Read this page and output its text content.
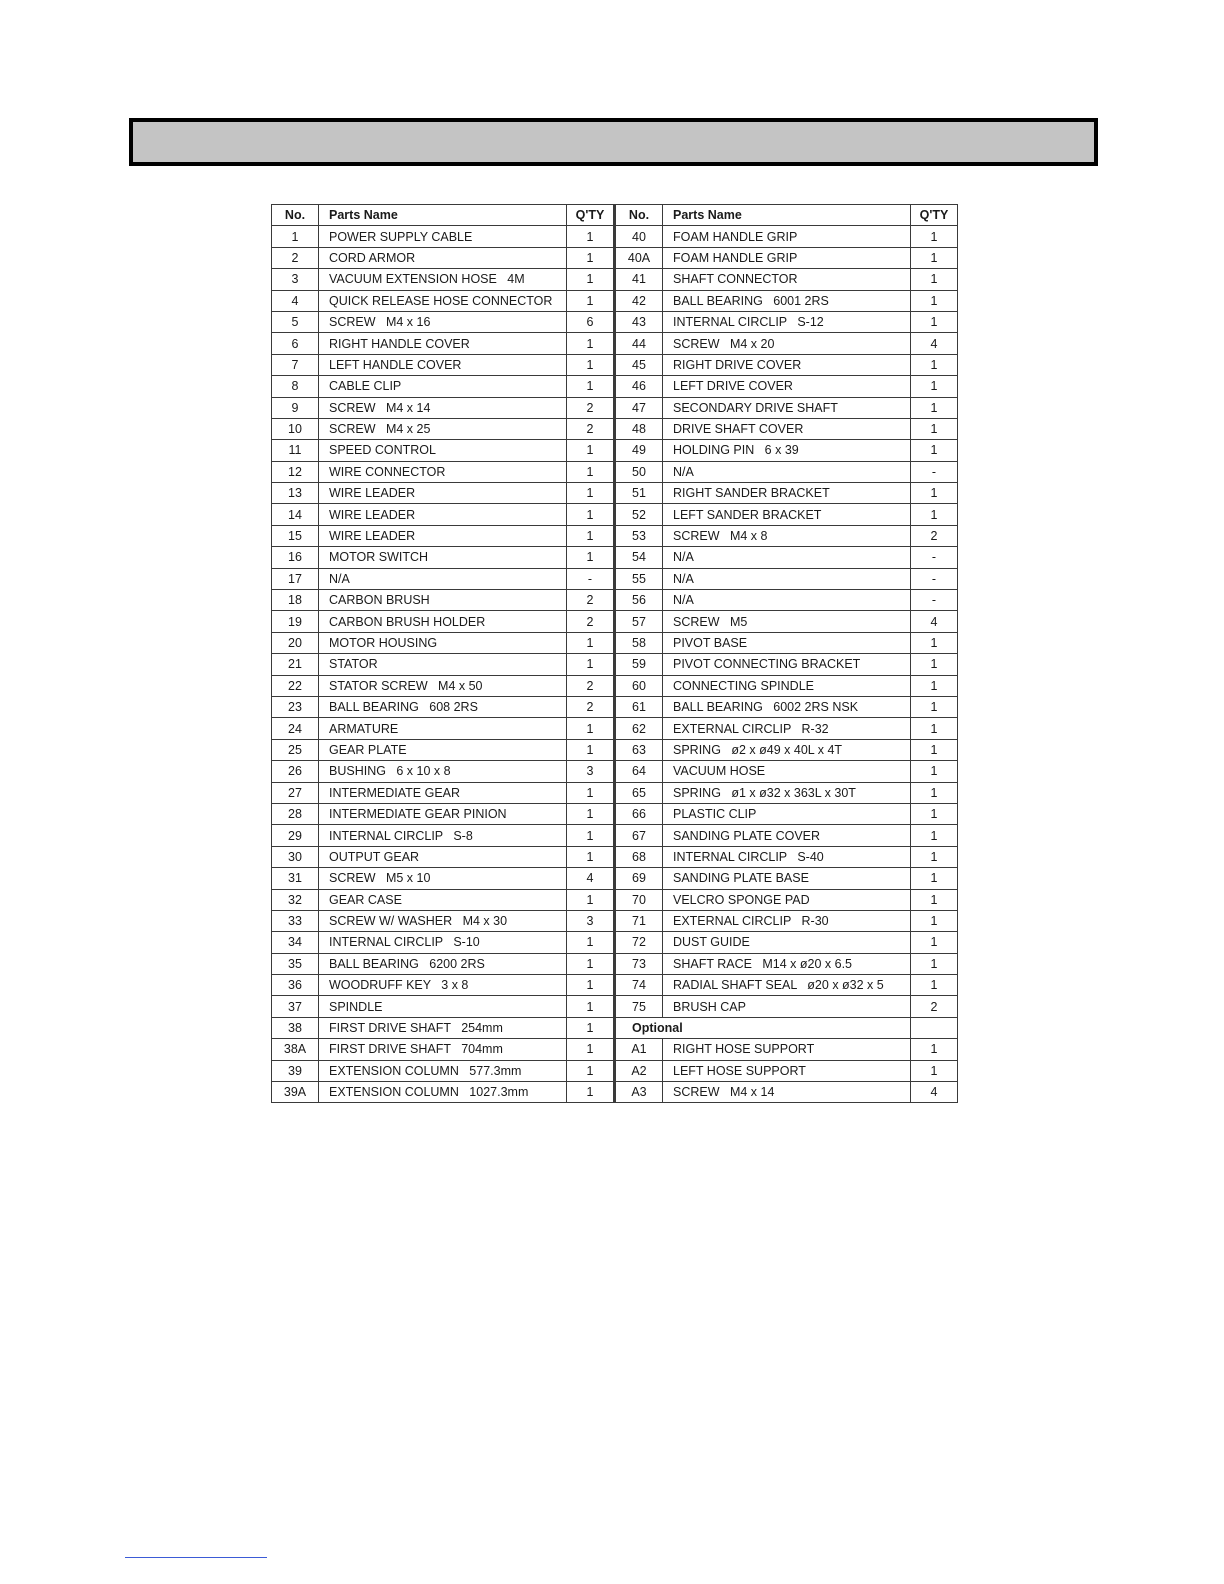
No.	Parts Name	Q'TY	No.	Parts Name	Q'TY
1	POWER SUPPLY CABLE	1	40	FOAM HANDLE GRIP	1
2	CORD ARMOR	1	40A	FOAM HANDLE GRIP	1
3	VACUUM EXTENSION HOSE   4M	1	41	SHAFT CONNECTOR	1
4	QUICK RELEASE HOSE CONNECTOR	1	42	BALL BEARING   6001 2RS	1
5	SCREW   M4 x 16	6	43	INTERNAL CIRCLIP   S-12	1
6	RIGHT HANDLE COVER	1	44	SCREW   M4 x 20	4
7	LEFT HANDLE COVER	1	45	RIGHT DRIVE COVER	1
8	CABLE CLIP	1	46	LEFT DRIVE COVER	1
9	SCREW   M4 x 14	2	47	SECONDARY DRIVE SHAFT	1
10	SCREW   M4 x 25	2	48	DRIVE SHAFT COVER	1
11	SPEED CONTROL	1	49	HOLDING PIN   6 x 39	1
12	WIRE CONNECTOR	1	50	N/A	-
13	WIRE LEADER	1	51	RIGHT SANDER BRACKET	1
14	WIRE LEADER	1	52	LEFT SANDER BRACKET	1
15	WIRE LEADER	1	53	SCREW   M4 x 8	2
16	MOTOR SWITCH	1	54	N/A	-
17	N/A	-	55	N/A	-
18	CARBON BRUSH	2	56	N/A	-
19	CARBON BRUSH HOLDER	2	57	SCREW   M5	4
20	MOTOR HOUSING	1	58	PIVOT BASE	1
21	STATOR	1	59	PIVOT CONNECTING BRACKET	1
22	STATOR SCREW   M4 x 50	2	60	CONNECTING SPINDLE	1
23	BALL BEARING   608 2RS	2	61	BALL BEARING   6002 2RS NSK	1
24	ARMATURE	1	62	EXTERNAL CIRCLIP   R-32	1
25	GEAR PLATE	1	63	SPRING   ø2 x ø49 x 40L x 4T	1
26	BUSHING   6 x 10 x 8	3	64	VACUUM HOSE	1
27	INTERMEDIATE GEAR	1	65	SPRING   ø1 x ø32 x 363L x 30T	1
28	INTERMEDIATE GEAR PINION	1	66	PLASTIC CLIP	1
29	INTERNAL CIRCLIP   S-8	1	67	SANDING PLATE COVER	1
30	OUTPUT GEAR	1	68	INTERNAL CIRCLIP   S-40	1
31	SCREW   M5 x 10	4	69	SANDING PLATE BASE	1
32	GEAR CASE	1	70	VELCRO SPONGE PAD	1
33	SCREW W/ WASHER   M4 x 30	3	71	EXTERNAL CIRCLIP   R-30	1
34	INTERNAL CIRCLIP   S-10	1	72	DUST GUIDE	1
35	BALL BEARING   6200 2RS	1	73	SHAFT RACE   M14 x ø20 x 6.5	1
36	WOODRUFF KEY   3 x 8	1	74	RADIAL SHAFT SEAL   ø20 x ø32 x 5	1
37	SPINDLE	1	75	BRUSH CAP	2
38	FIRST DRIVE SHAFT   254mm	1	Optional		
38A	FIRST DRIVE SHAFT   704mm	1	A1	RIGHT HOSE SUPPORT	1
39	EXTENSION COLUMN   577.3mm	1	A2	LEFT HOSE SUPPORT	1
39A	EXTENSION COLUMN   1027.3mm	1	A3	SCREW   M4 x 14	4
